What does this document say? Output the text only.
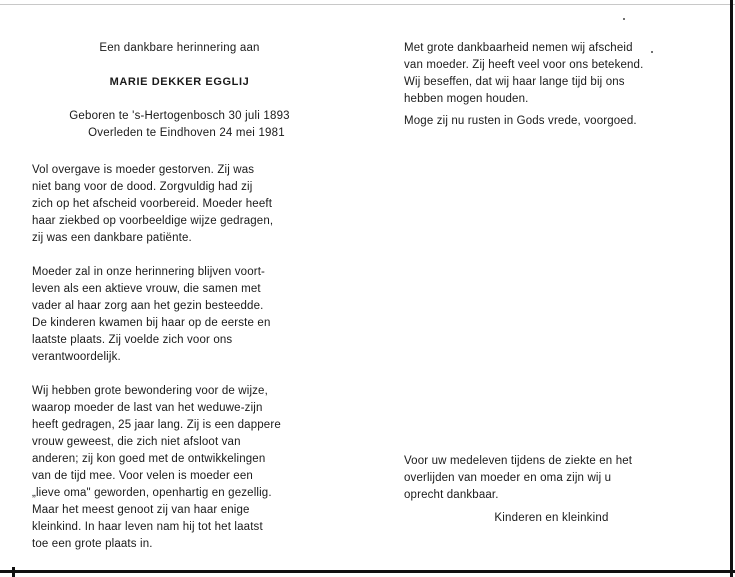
Een dankbare herinnering aan

MARIE DEKKER EGGLIJ

Geboren te 's-Hertogenbosch 30 juli 1893
Overleden te Eindhoven 24 mei 1981

Vol overgave is moeder gestorven. Zij was
niet bang voor de dood. Zorgvuldig had zij
zich op het afscheid voorbereid. Moeder heeft
haar ziekbed op voorbeeldige wijze gedragen,
zij was een dankbare patiënte.

Moeder zal in onze herinnering blijven voort-
leven als een aktieve vrouw, die samen met
vader al haar zorg aan het gezin besteedde.
De kinderen kwamen bij haar op de eerste en
laatste plaats. Zij voelde zich voor ons
verantwoordelijk.

Wij hebben grote bewondering voor de wijze,
waarop moeder de last van het weduwe-zijn
heeft gedragen, 25 jaar lang. Zij is een dappere
vrouw geweest, die zich niet afsloot van
anderen; zij kon goed met de ontwikkelingen
van de tijd mee. Voor velen is moeder een
„lieve oma" geworden, openhartig en gezellig.
Maar het meest genoot zij van haar enige
kleinkind. In haar leven nam hij tot het laatst
toe een grote plaats in.

Met grote dankbaarheid nemen wij afscheid
van moeder. Zij heeft veel voor ons betekend.
Wij beseffen, dat wij haar lange tijd bij ons
hebben mogen houden.

Moge zij nu rusten in Gods vrede, voorgoed.

Voor uw medeleven tijdens de ziekte en het
overlijden van moeder en oma zijn wij u
oprecht dankbaar.

Kinderen en kleinkind
